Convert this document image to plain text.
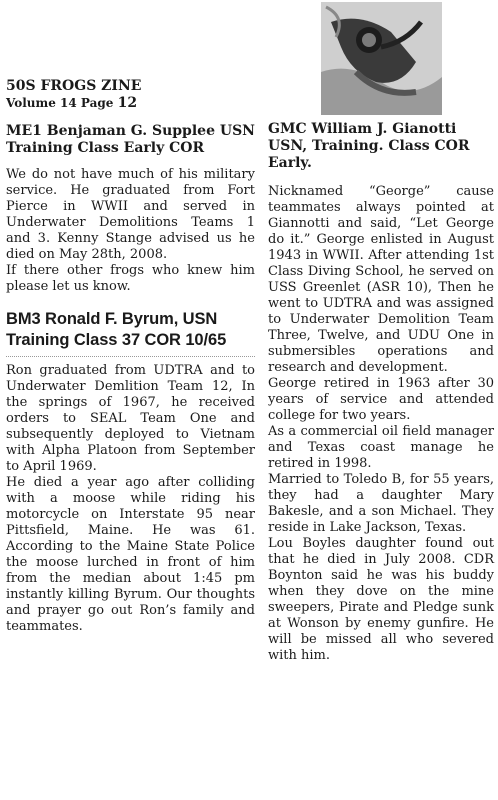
50S FROGS ZINE
Volume 14 Page 12
ME1 Benjaman G. Supplee USN Training Class Early COR

We do not have much of his military service. He graduated from Fort Pierce in WWII and served in Underwater Demolitions Teams 1 and 3. Kenny Stange advised us he died on May 28th, 2008.

If there other frogs who knew him please let us know.

BM3 Ronald F. Byrum, USN Training Class 37 COR 10/65

Ron graduated from UDTRA and to Underwater Demlition Team 12, In the springs of 1967, he received orders to SEAL Team One and subsequently deployed to Vietnam with Alpha Platoon from September to April 1969.

He died a year ago after colliding with a moose while riding his motorcycle on Interstate 95 near Pittsfield, Maine. He was 61. According to the Maine State Police the moose lurched in front of him from the median about 1:45 pm instantly killing Byrum. Our thoughts and prayer go out Ron’s family and teammates.

GMC William J. Gianotti USN, Training. Class COR Early.

Nicknamed “George” cause teammates always pointed at Giannotti and said, “Let George do it.” George enlisted in August 1943 in WWII. After attending 1st Class Diving School, he served on USS Greenlet (ASR 10), Then he went to UDTRA and was assigned to Underwater Demolition Team Three, Twelve, and UDU One in submersibles operations and research and development.

George retired in 1963 after 30 years of service and attended college for two years.

As a commercial oil field manager and Texas coast manage he retired in 1998.

Married to Toledo B, for 55 years, they had a daughter Mary Bakesle, and a son Michael. They reside in Lake Jackson, Texas.

Lou Boyles daughter found out that he died in July 2008. CDR Boynton said he was his buddy when they dove on the mine sweepers, Pirate and Pledge sunk at Wonson by enemy gunfire. He will be missed all who severed with him.
